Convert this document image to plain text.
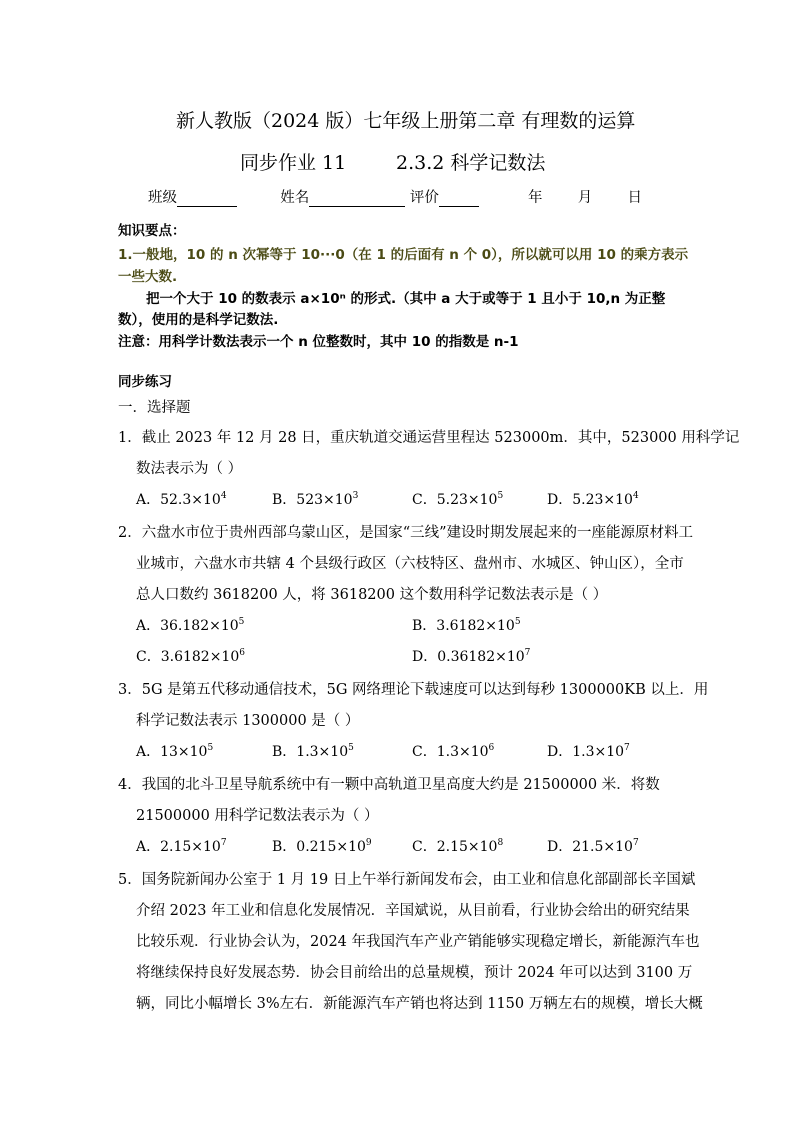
新人教版（2024 版）七年级上册第二章 有理数的运算
同步作业 11	2.3.2 科学记数法
班级	姓名	评价	年 月 日
知识要点：
1.一般地，10 的 n 次幂等于 10···0（在 1 的后面有 n 个 0），所以就可以用 10 的乘方表示
一些大数.
把一个大于 10 的数表示 a×10ⁿ 的形式.（其中 a 大于或等于 1 且小于 10,n 为正整
数），使用的是科学记数法.
注意：用科学计数法表示一个 n 位整数时，其中 10 的指数是 n-1
同步练习
一．选择题
1．截止 2023 年 12 月 28 日，重庆轨道交通运营里程达 523000m．其中，523000 用科学记
数法表示为（ ）
A．$52.3\times 10^4$	B．$523\times 10^3$	C．$5.23\times 10^5$	D．$5.23\times 10^4$
2．六盘水市位于贵州西部乌蒙山区，是国家“三线”建设时期发展起来的一座能源原材料工
业城市，六盘水市共辖 4 个县级行政区（六枝特区、盘州市、水城区、钟山区），全市
总人口数约 3618200 人，将 3618200 这个数用科学记数法表示是（ ）
A．$36.182\times 10^5$	B．$3.6182\times 10^5$
C．$3.6182\times 10^6$	D．$0.36182\times 10^7$
3．5G 是第五代移动通信技术，5G 网络理论下载速度可以达到每秒 1300000KB 以上．用
科学记数法表示 1300000 是（ ）
A．$13\times 10^5$	B．$1.3\times 10^5$	C．$1.3\times 10^6$	D．$1.3\times 10^7$
4．我国的北斗卫星导航系统中有一颗中高轨道卫星高度大约是 21500000 米．将数
21500000 用科学记数法表示为（ ）
A．$2.15\times 10^7$	B．$0.215\times 10^9$	C．$2.15\times 10^8$	D．$21.5\times 10^7$
5．国务院新闻办公室于 1 月 19 日上午举行新闻发布会，由工业和信息化部副部长辛国斌
介绍 2023 年工业和信息化发展情况．辛国斌说，从目前看，行业协会给出的研究结果
比较乐观．行业协会认为，2024 年我国汽车产业产销能够实现稳定增长，新能源汽车也
将继续保持良好发展态势．协会目前给出的总量规模，预计 2024 年可以达到 3100 万
辆，同比小幅增长 3%左右．新能源汽车产销也将达到 1150 万辆左右的规模，增长大概
